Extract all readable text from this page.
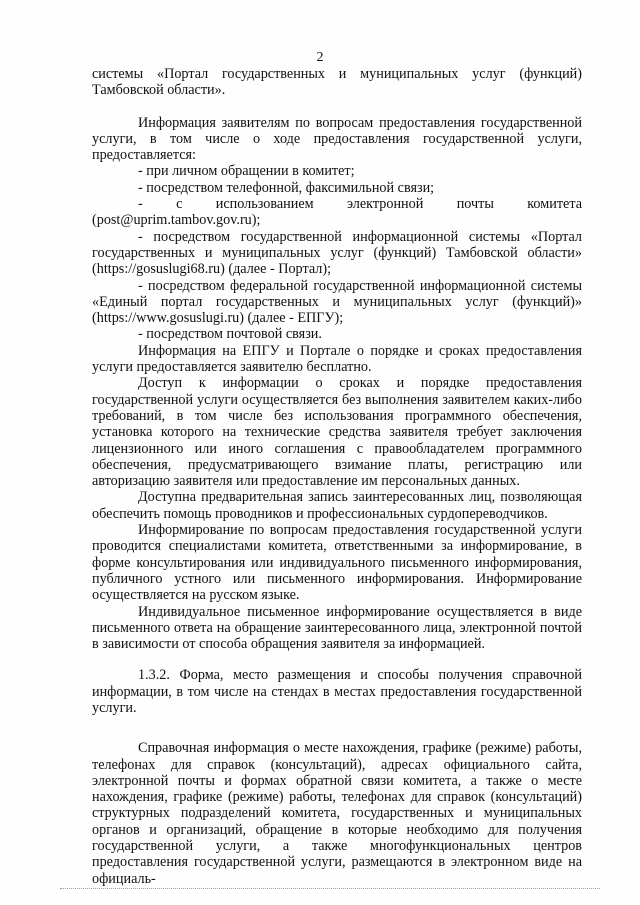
2

системы «Портал государственных и муниципальных услуг (функций) Тамбовской области».

Информация заявителям по вопросам предоставления государственной услуги, в том числе о ходе предоставления государственной услуги, предоставляется:

- при личном обращении в комитет;

- посредством телефонной, факсимильной связи;

- с использованием электронной почты комитета (post@uprim.tambov.gov.ru);

- посредством государственной информационной системы «Портал государственных и муниципальных услуг (функций) Тамбовской области» (https://gosuslugi68.ru) (далее - Портал);

- посредством федеральной государственной информационной системы «Единый портал государственных и муниципальных услуг (функций)» (https://www.gosuslugi.ru) (далее - ЕПГУ);

- посредством почтовой связи.

Информация на ЕПГУ и Портале о порядке и сроках предоставления услуги предоставляется заявителю бесплатно.

Доступ к информации о сроках и порядке предоставления государственной услуги осуществляется без выполнения заявителем каких-либо требований, в том числе без использования программного обеспечения, установка которого на технические средства заявителя требует заключения лицензионного или иного соглашения с правообладателем программного обеспечения, предусматривающего взимание платы, регистрацию или авторизацию заявителя или предоставление им персональных данных.

Доступна предварительная запись заинтересованных лиц, позволяющая обеспечить помощь проводников и профессиональных сурдопереводчиков.

Информирование по вопросам предоставления государственной услуги проводится специалистами комитета, ответственными за информирование, в форме консультирования или индивидуального письменного информирования, публичного устного или письменного информирования. Информирование осуществляется на русском языке.

Индивидуальное письменное информирование осуществляется в виде письменного ответа на обращение заинтересованного лица, электронной почтой в зависимости от способа обращения заявителя за информацией.

1.3.2. Форма, место размещения и способы получения справочной информации, в том числе на стендах в местах предоставления государственной услуги.

Справочная информация о месте нахождения, графике (режиме) работы, телефонах для справок (консультаций), адресах официального сайта, электронной почты и формах обратной связи комитета, а также о месте нахождения, графике (режиме) работы, телефонах для справок (консультаций) структурных подразделений комитета, государственных и муниципальных органов и организаций, обращение в которые необходимо для получения государственной услуги, а также многофункциональных центров предоставления государственной услуги, размещаются в электронном виде на официаль-
